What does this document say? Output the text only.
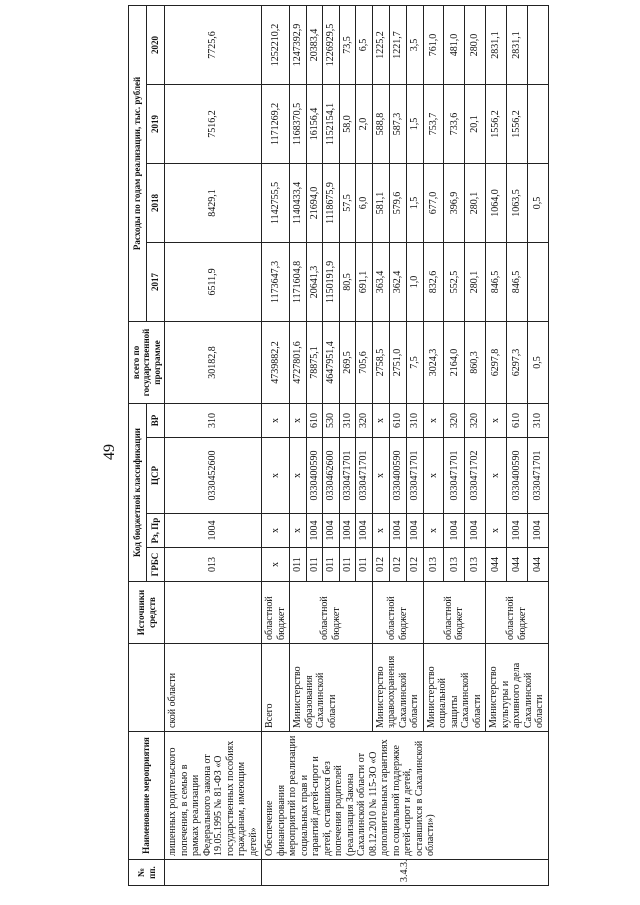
49
№ пп.	Наименование мероприятия		Источники средств	Код бюджетной классификации				всего по государственной программе	Расходы по годам реализации, тыс. рублей			
				ГРБС	Рз, Пр	ЦСР	ВР		2017	2018	2019	2020
	лишенных родительского попечения, в семью в рамках реализации Федерального закона от 19.05.1995 № 81-ФЗ «О государственных пособиях гражданам, имеющим детей»	ской области		013	1004	0330452600	310	30182,8	6511,9	8429,1	7516,2	7725,6
3.4.3.	Обеспечение финансирования мероприятий по реализации социальных прав и гарантий детей-сирот и детей, оставшихся без попечения родителей (реализация Закона Сахалинской области от 08.12.2010 № 115-ЗО «О дополнительных гарантиях по социальной поддержке детей-сирот и детей, оставшихся в Сахалинской области»)	Всего	областной бюджет	x	x	x	x	4739882,2	1173647,3	1142755,5	1171269,2	1252210,2
		Министерство образования Сахалинской области	областной бюджет	011	x	x	x	4727801,6	1171604,8	1140433,4	1168370,5	1247392,9
				011	1004	0330400590	610	78875,1	20641,3	21694,0	16156,4	20383,4
				011	1004	0330462600	530	4647951,4	1150191,9	1118675,9	1152154,1	1226929,5
				011	1004	0330471701	310	269,5	80,5	57,5	58,0	73,5
				011	1004	0330471701	320	705,6	691,1	6,0	2,0	6,5
		Министерство здравоохранения Сахалинской области	областной бюджет	012	x	x	x	2758,5	363,4	581,1	588,8	1225,2
				012	1004	0330400590	610	2751,0	362,4	579,6	587,3	1221,7
				012	1004	0330471701	310	7,5	1,0	1,5	1,5	3,5
		Министерство социальной защиты Сахалинской области	областной бюджет	013	x	x	x	3024,3	832,6	677,0	753,7	761,0
				013	1004	0330471701	320	2164,0	552,5	396,9	733,6	481,0
				013	1004	0330471702	320	860,3	280,1	280,1	20,1	280,0
		Министерство культуры и архивного дела Сахалинской области	областной бюджет	044	x	x	x	6297,8	846,5	1064,0	1556,2	2831,1
				044	1004	0330400590	610	6297,3	846,5	1063,5	1556,2	2831,1
				044	1004	0330471701	310	0,5		0,5		
